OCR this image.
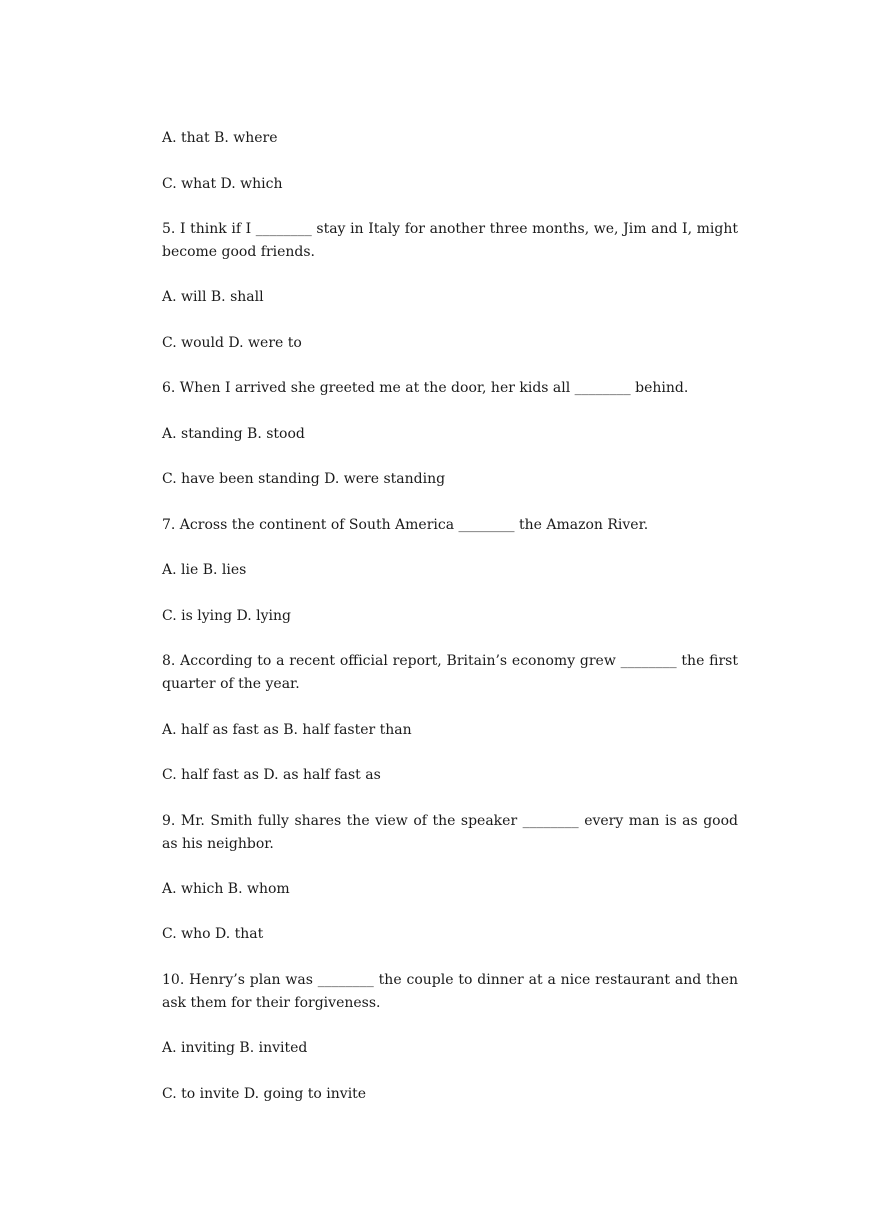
A. that B. where
C. what D. which
5. I think if I ________ stay in Italy for another three months, we, Jim and I, might become good friends.
A. will B. shall
C. would D. were to
6. When I arrived she greeted me at the door, her kids all ________ behind.
A. standing B. stood
C. have been standing D. were standing
7. Across the continent of South America ________ the Amazon River.
A. lie B. lies
C. is lying D. lying
8. According to a recent official report, Britain’s economy grew ________ the first quarter of the year.
A. half as fast as B. half faster than
C. half fast as D. as half fast as
9. Mr. Smith fully shares the view of the speaker ________ every man is as good as his neighbor.
A. which B. whom
C. who D. that
10. Henry’s plan was ________ the couple to dinner at a nice restaurant and then ask them for their forgiveness.
A. inviting B. invited
C. to invite D. going to invite
